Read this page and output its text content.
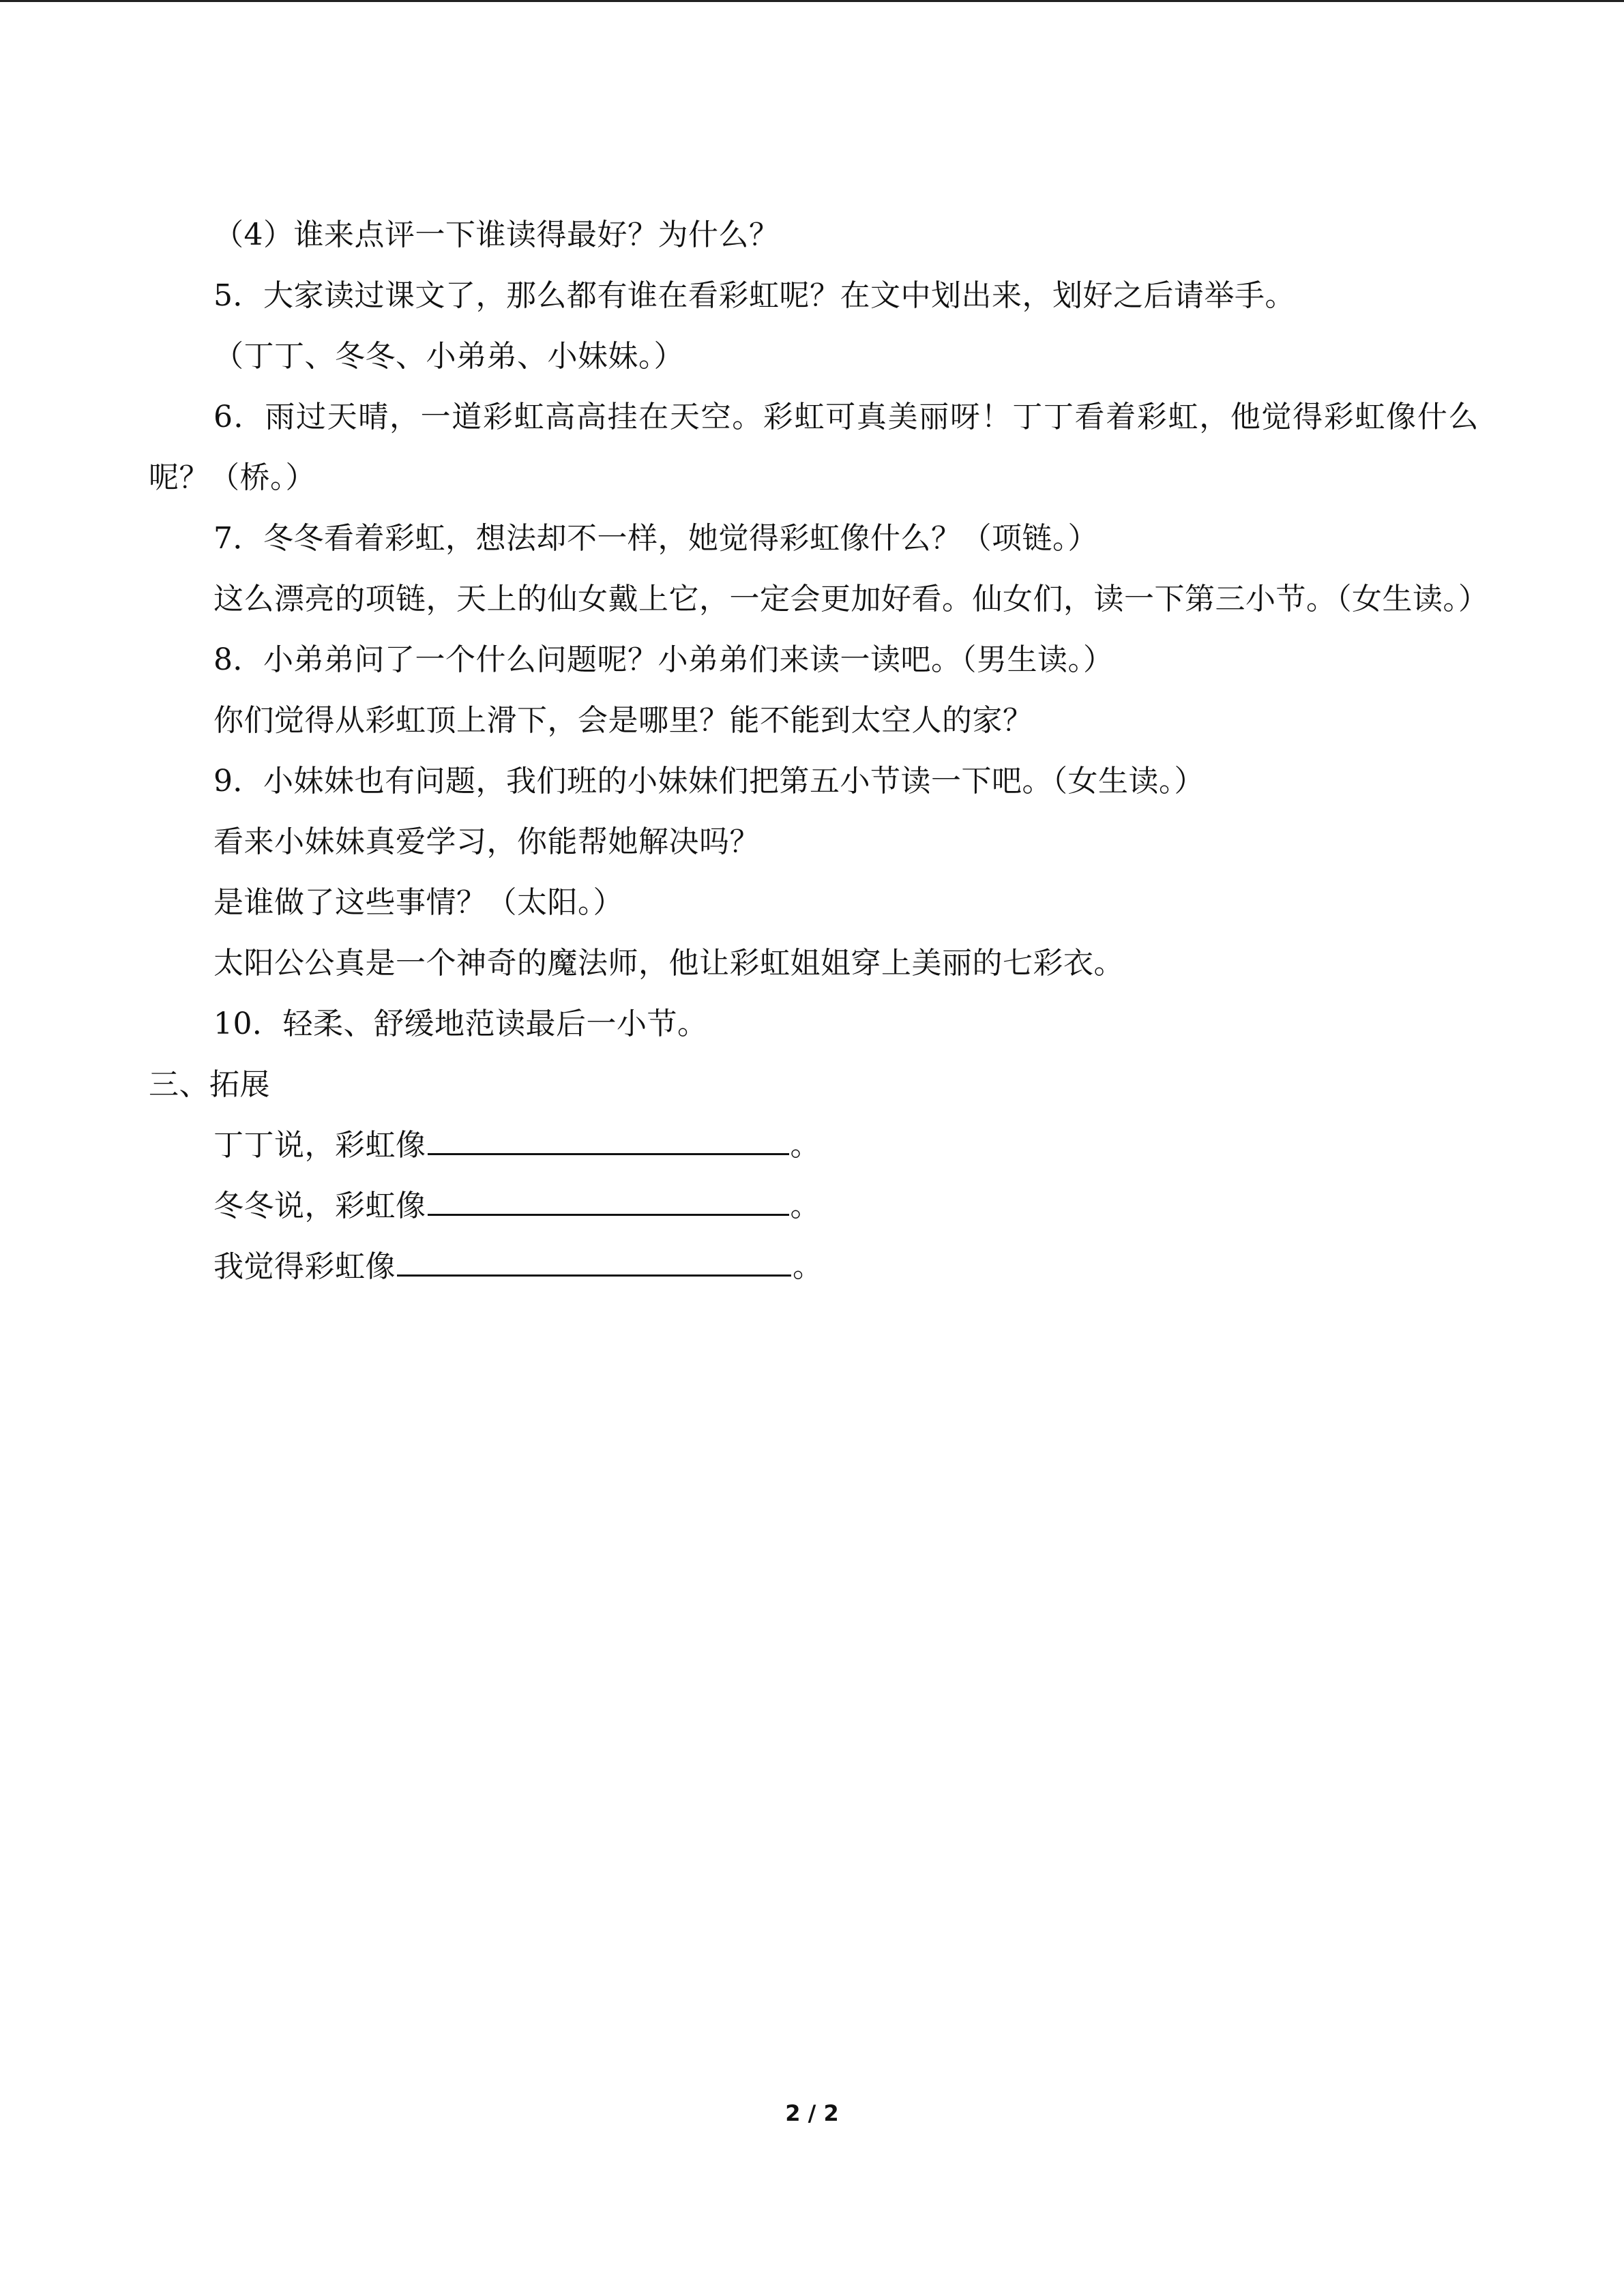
（4）谁来点评一下谁读得最好？为什么？
5．大家读过课文了，那么都有谁在看彩虹呢？在文中划出来，划好之后请举手。
（丁丁、冬冬、小弟弟、小妹妹。）
6．雨过天晴，一道彩虹高高挂在天空。彩虹可真美丽呀！丁丁看着彩虹，他觉得彩虹像什么呢？（桥。）
7．冬冬看着彩虹，想法却不一样，她觉得彩虹像什么？（项链。）
这么漂亮的项链，天上的仙女戴上它，一定会更加好看。仙女们，读一下第三小节。（女生读。）
8．小弟弟问了一个什么问题呢？小弟弟们来读一读吧。（男生读。）
你们觉得从彩虹顶上滑下，会是哪里？能不能到太空人的家？
9．小妹妹也有问题，我们班的小妹妹们把第五小节读一下吧。（女生读。）
看来小妹妹真爱学习，你能帮她解决吗？
是谁做了这些事情？（太阳。）
太阳公公真是一个神奇的魔法师，他让彩虹姐姐穿上美丽的七彩衣。
10．轻柔、舒缓地范读最后一小节。
三、拓展
丁丁说，彩虹像	。
冬冬说，彩虹像	。
我觉得彩虹像	。
2 / 2
